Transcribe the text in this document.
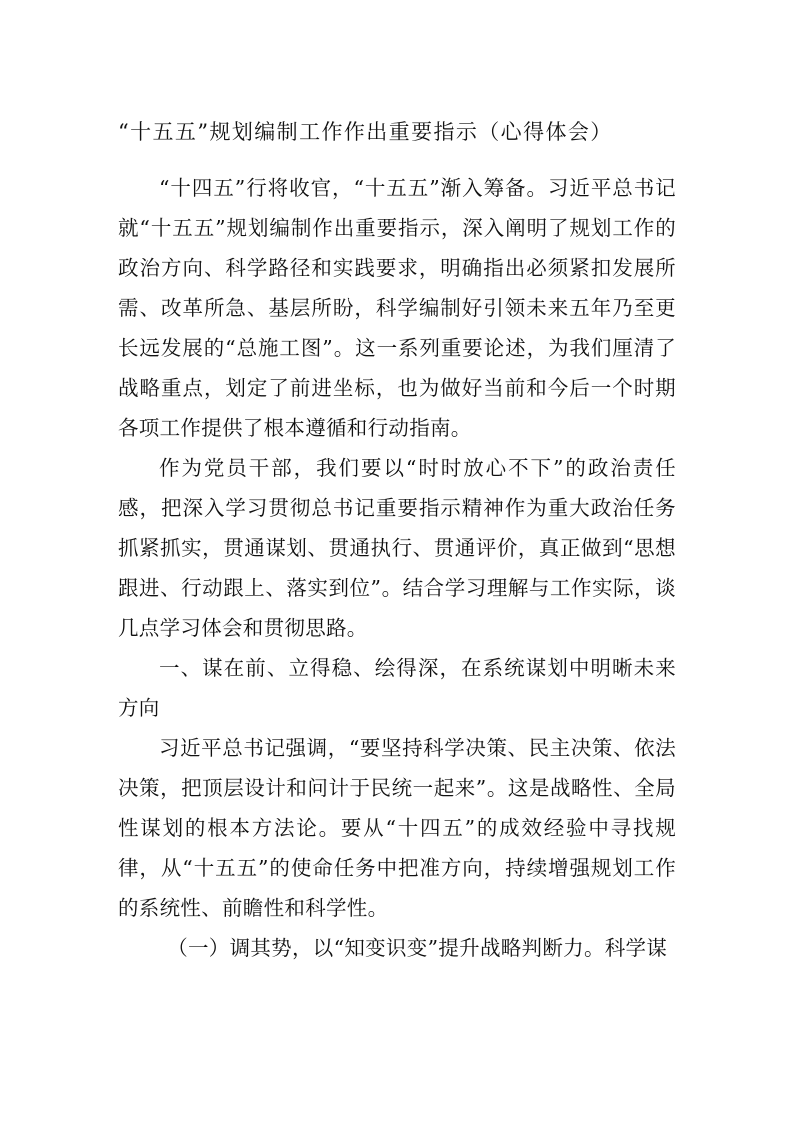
“十五五”规划编制工作作出重要指示（心得体会）

“十四五”行将收官，“十五五”渐入筹备。习近平总书记就“十五五”规划编制作出重要指示，深入阐明了规划工作的政治方向、科学路径和实践要求，明确指出必须紧扣发展所需、改革所急、基层所盼，科学编制好引领未来五年乃至更长远发展的“总施工图”。这一系列重要论述，为我们厘清了战略重点，划定了前进坐标，也为做好当前和今后一个时期各项工作提供了根本遵循和行动指南。

作为党员干部，我们要以“时时放心不下”的政治责任感，把深入学习贯彻总书记重要指示精神作为重大政治任务抓紧抓实，贯通谋划、贯通执行、贯通评价，真正做到“思想跟进、行动跟上、落实到位”。结合学习理解与工作实际，谈几点学习体会和贯彻思路。

一、谋在前、立得稳、绘得深，在系统谋划中明晰未来方向

习近平总书记强调，“要坚持科学决策、民主决策、依法决策，把顶层设计和问计于民统一起来”。这是战略性、全局性谋划的根本方法论。要从“十四五”的成效经验中寻找规律，从“十五五”的使命任务中把准方向，持续增强规划工作的系统性、前瞻性和科学性。

（一）调其势，以“知变识变”提升战略判断力。科学谋
